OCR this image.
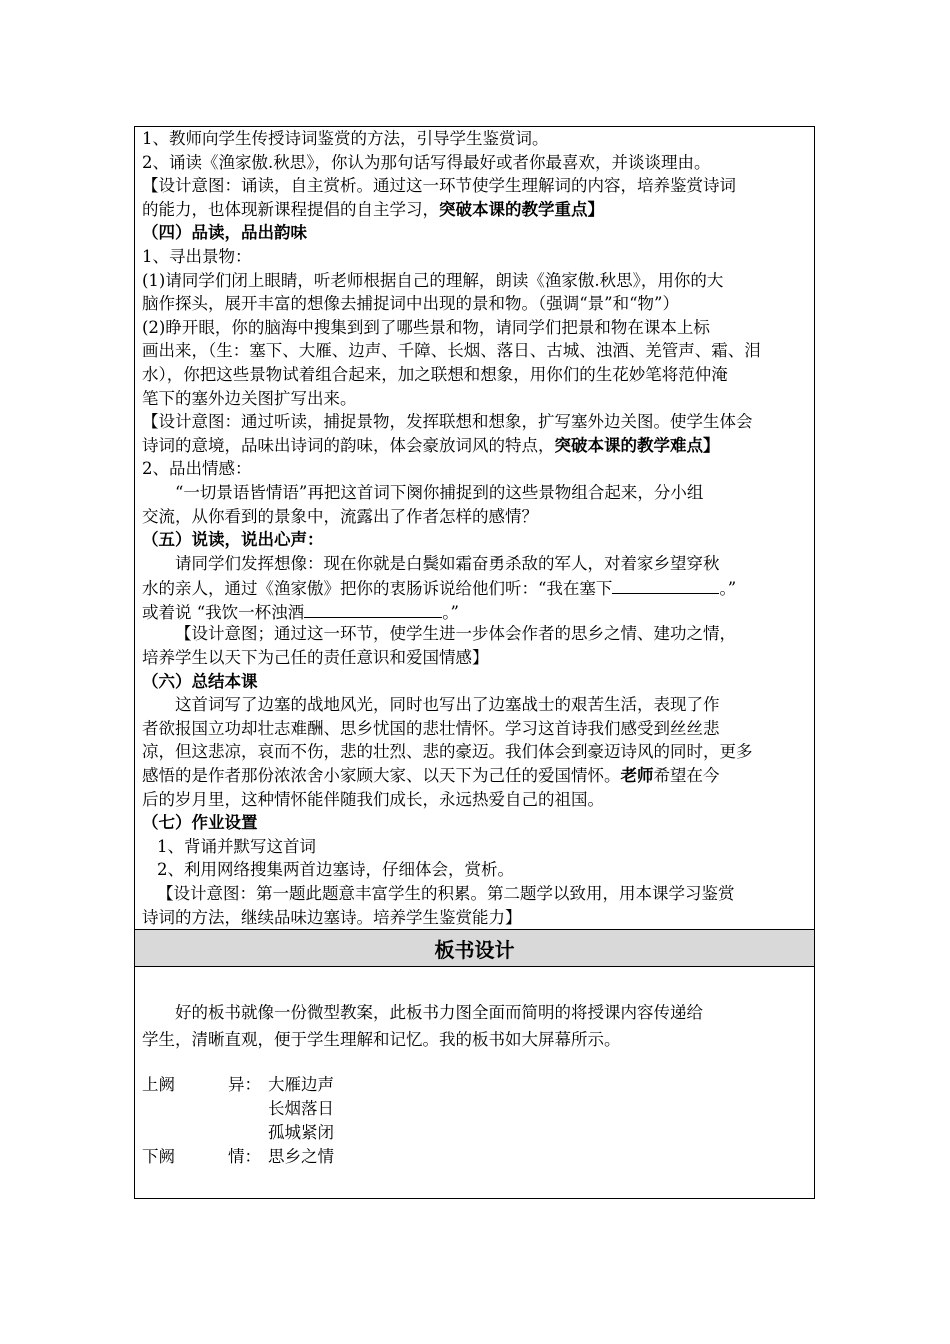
1、教师向学生传授诗词鉴赏的方法，引导学生鉴赏词。
2、诵读《渔家傲.秋思》，你认为那句话写得最好或者你最喜欢，并谈谈理由。
【设计意图：诵读，自主赏析。通过这一环节使学生理解词的内容，培养鉴赏诗词
的能力，也体现新课程提倡的自主学习，突破本课的教学重点】
（四）品读，品出韵味
1、寻出景物：
(1)请同学们闭上眼睛，听老师根据自己的理解，朗读《渔家傲.秋思》，用你的大
脑作探头，展开丰富的想像去捕捉词中出现的景和物。（强调“景”和“物”）
(2)睁开眼，你的脑海中搜集到到了哪些景和物，请同学们把景和物在课本上标
画出来，（生：塞下、大雁、边声、千障、长烟、落日、古城、浊酒、羌管声、霜、泪
水），你把这些景物试着组合起来，加之联想和想象，用你们的生花妙笔将范仲淹
笔下的塞外边关图扩写出来。
【设计意图：通过听读，捕捉景物，发挥联想和想象，扩写塞外边关图。使学生体会
诗词的意境，品味出诗词的韵味，体会豪放词风的特点，突破本课的教学难点】
2、品出情感：
“一切景语皆情语”再把这首词下阕你捕捉到的这些景物组合起来，分小组
交流，从你看到的景象中，流露出了作者怎样的感情？
（五）说读，说出心声：
请同学们发挥想像：现在你就是白鬓如霜奋勇杀敌的军人，对着家乡望穿秋
水的亲人，通过《渔家傲》把你的衷肠诉说给他们听：“我在塞下	。”
或着说 “我饮一杯浊酒	。”
【设计意图；通过这一环节，使学生进一步体会作者的思乡之情、建功之情，
培养学生以天下为己任的责任意识和爱国情感】
（六）总结本课
这首词写了边塞的战地风光，同时也写出了边塞战士的艰苦生活，表现了作
者欲报国立功却壮志难酬、思乡忧国的悲壮情怀。学习这首诗我们感受到丝丝悲
凉，但这悲凉，哀而不伤，悲的壮烈、悲的豪迈。我们体会到豪迈诗风的同时，更多
感悟的是作者那份浓浓舍小家顾大家、以天下为己任的爱国情怀。老师希望在今
后的岁月里，这种情怀能伴随我们成长，永远热爱自己的祖国。
（七）作业设置
1、背诵并默写这首词
2、利用网络搜集两首边塞诗，仔细体会，赏析。
【设计意图：第一题此题意丰富学生的积累。第二题学以致用，用本课学习鉴赏
诗词的方法，继续品味边塞诗。培养学生鉴赏能力】
板书设计
好的板书就像一份微型教案，此板书力图全面而简明的将授课内容传递给
学生，清晰直观，便于学生理解和记忆。我的板书如大屏幕所示。
上阙	异： 大雁边声
长烟落日
孤城紧闭
下阙	情： 思乡之情
